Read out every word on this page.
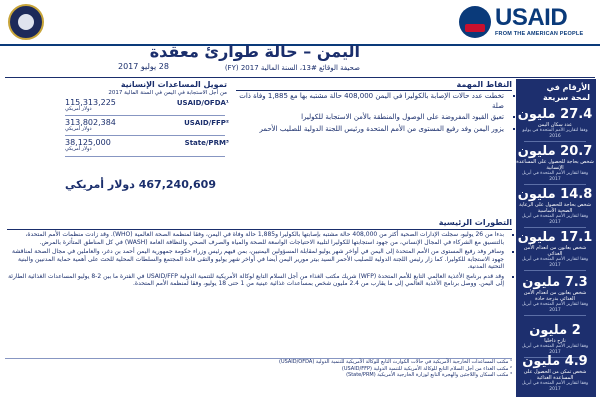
USAID
FROM THE AMERICAN PEOPLE
اليمن – حالة طوارئ معقدة
صحيفة الوقائع #13، السنة المالية 2017 (FY)
28 يوليو 2017
الأرقام في
لمحة سريعة
27.4 مليون
عدد سكان اليمن
وفقا لتقارير الأمم المتحدة في يوليو 2016
20.7 مليون
شخص بحاجة للحصول على المساعدة الإنسانية
وفقا لتقارير الأمم المتحدة في أبريل 2017
14.8 مليون
شخص بحاجة للحصول على الرعاية الصحية الأساسية
وفقا لتقارير الأمم المتحدة في أبريل 2017
17.1 مليون
شخص يعانون من انعدام الأمن الغذائي
وفقا لتقارير الأمم المتحدة في أبريل 2017
7.3 مليون
شخص يعانون من انعدام الأمن الغذائي بدرجة حادة
وفقا لتقارير الأمم المتحدة في أبريل 2017
2 مليون
نازح داخليا
وفقا لتقارير الأمم المتحدة في أبريل 2017
4.9 مليون
شخص تمكن من الحصول على المساعدة الغذائية
وفقا لتقارير الأمم المتحدة في أبريل 2017
تمويل المساعدات الإنسانية
من أجل الاستجابة في اليمن في السنة المالية 2017
115,313,225
دولار أمريكي
USAID/OFDA¹
313,802,384
دولار أمريكي
USAID/FFP²
38,125,000
دولار أمريكي
State/PRM³
467,240,609 دولار أمريكي
النقاط المهمة
▪ تخطت عدد حالات الإصابة بالكوليرا في اليمن 408,000 حالة مشتبه بها مع 1,885 وفاة ذات صلة
▪ تعيق القيود المفروضة على الوصول والمنطقة بالأمن الاستجابة للكوليرا
▪ يزور اليمن وفد رفيع المستوى من الأمم المتحدة ورئيس اللجنة الدولية للصليب الأحمر
التطورات الرئيسية
▪ بدءا من 26 يوليو، سجلت الإدارات الصحية أكثر من 408,000 حالة مشتبه بإصابتها بالكوليرا و1,885 حالة وفاة في اليمن، وفقا لمنظمة الصحة العالمية (WHO). وقد زادت منظمات الأمم المتحدة، بالتنسيق مع الشركاء في المجال الإنساني، من جهود استجابتها للكوليرا لتلبية الاحتياجات الواسعة للصحة والمياه والصرف الصحي والنظافة العامة (WASH) في كل المناطق المتأثرة بالمرض.
▪ وسافر وفد رفيع المستوى من الأمم المتحدة إلى اليمن في أواخر شهر يوليو لمقابلة المسؤولين اليمنيين، بمن فيهم رئيس وزراء حكومة جمهورية اليمن أحمد بن دغر، والعاملين في مجال الصحة لمناقشة جهود الاستجابة للكوليرا. كما زار رئيس اللجنة الدولية للصليب الأحمر السيد بيتر مورير اليمن أيضا في أواخر شهر يوليو والتقى قادة المجتمع والسلطات المحلية للحث على أهمية حماية المدنيين والبنية التحتية المدنية.
▪ وقد قدم برنامج الأغذية العالمي التابع للأمم المتحدة (WFP) شريك مكتب الغذاء من أجل السلام التابع لوكالة الأمريكية للتنمية الدولية USAID/FFP في الفترة ما بين 2-8 يوليو المساعدات الغذائية الطارئة إلى اليمن. ووصل برنامج الأغذية العالمي إلى ما يقارب من 2.4 مليون شخص بمساعدات غذائية عينية من 1 حتى 18 يوليو، وفقا لمنظمة الأمم المتحدة.
¹ مكتب المساعدات الخارجية الأمريكية في حالات الكوارث التابع للوكالة الأمريكية للتنمية الدولية (USAID/OFDA)
² مكتب الغذاء من أجل السلام التابع للوكالة الأمريكية للتنمية الدولية (USAID/FFP)
³ مكتب السكان واللاجئين والهجرة التابع لوزارة الخارجية الأمريكية (State/PRM)
